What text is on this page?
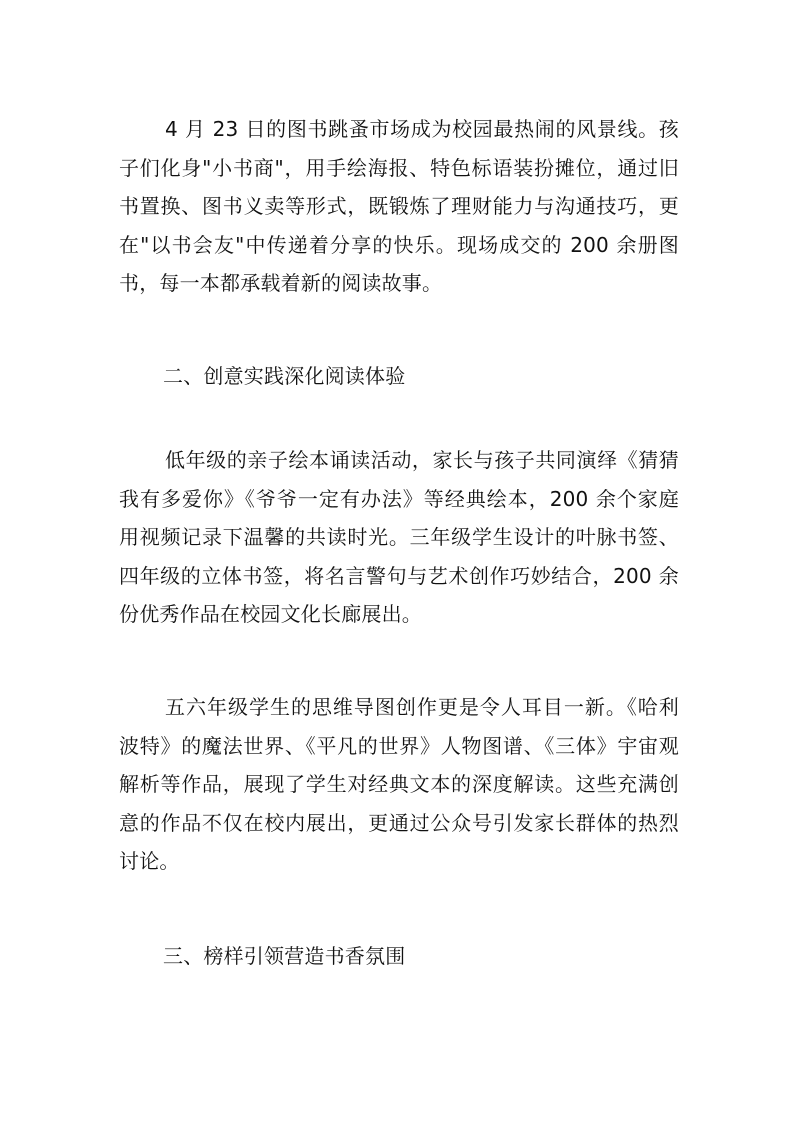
4 月 23 日的图书跳蚤市场成为校园最热闹的风景线。孩子们化身"小书商"，用手绘海报、特色标语装扮摊位，通过旧书置换、图书义卖等形式，既锻炼了理财能力与沟通技巧，更在"以书会友"中传递着分享的快乐。现场成交的 200 余册图书，每一本都承载着新的阅读故事。

二、创意实践深化阅读体验

低年级的亲子绘本诵读活动，家长与孩子共同演绎《猜猜我有多爱你》《爷爷一定有办法》等经典绘本，200 余个家庭用视频记录下温馨的共读时光。三年级学生设计的叶脉书签、四年级的立体书签，将名言警句与艺术创作巧妙结合，200 余份优秀作品在校园文化长廊展出。

五六年级学生的思维导图创作更是令人耳目一新。《哈利波特》的魔法世界、《平凡的世界》人物图谱、《三体》宇宙观解析等作品，展现了学生对经典文本的深度解读。这些充满创意的作品不仅在校内展出，更通过公众号引发家长群体的热烈讨论。

三、榜样引领营造书香氛围
